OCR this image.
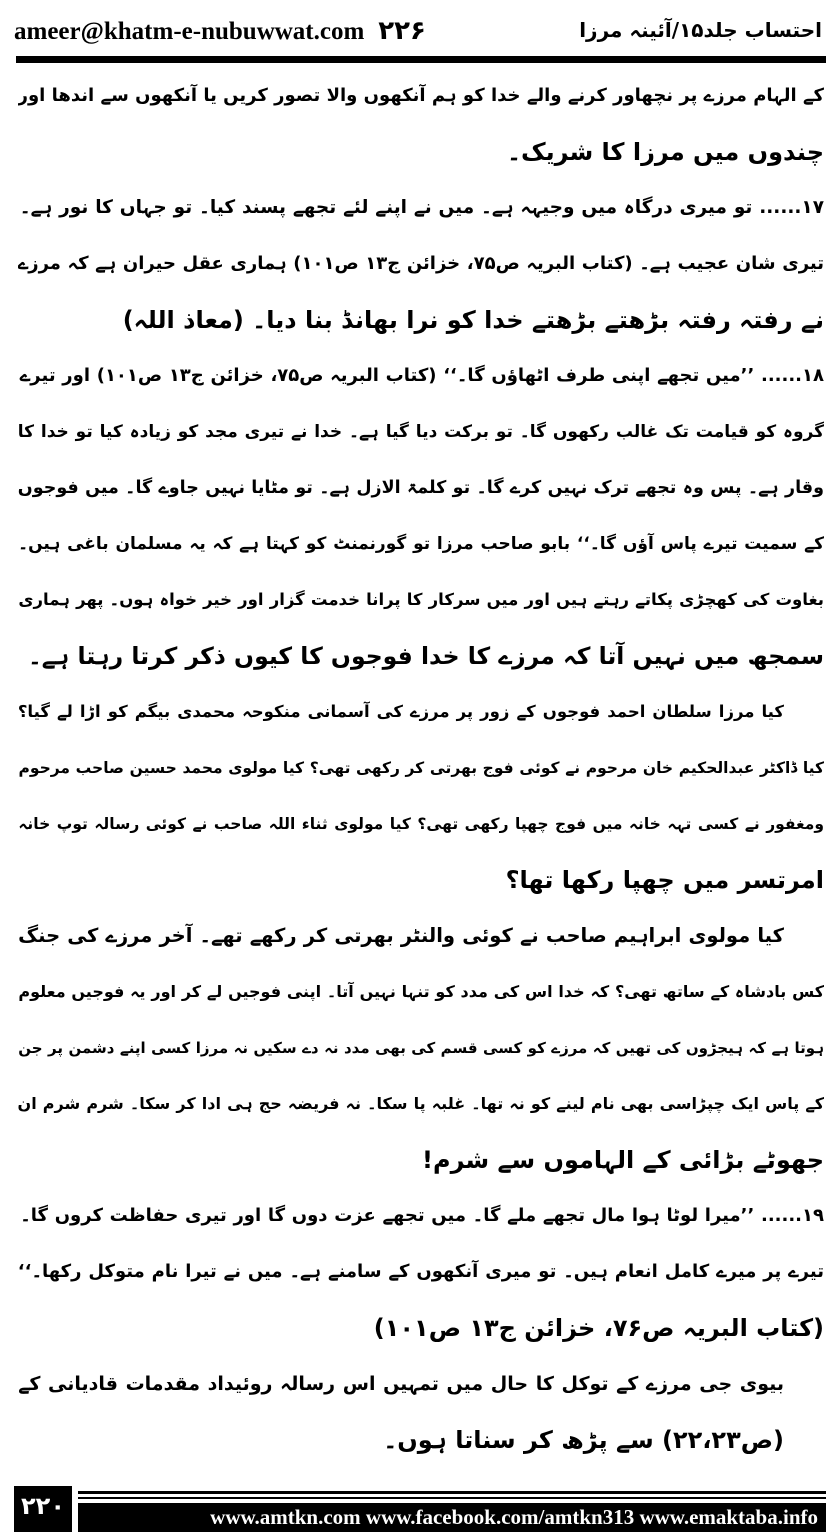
ameer@khatm-e-nubuwwat.com ۲۲۶	احتساب جلد۱۵/آئینہ مرزا
کے الہام مرزے پر نچھاور کرنے والے خدا کو ہم آنکھوں والا تصور کریں یا آنکھوں سے اندھا اور
چندوں میں مرزا کا شریک۔
۱۷...... تو میری درگاہ میں وجیہہ ہے۔ میں نے اپنے لئے تجھے پسند کیا۔ تو جہاں کا نور ہے۔
تیری شان عجیب ہے۔ (کتاب البریہ ص۷۵، خزائن ج۱۳ ص۱۰۱) ہماری عقل حیران ہے کہ مرزے
نے رفتہ رفتہ بڑھتے بڑھتے خدا کو نرا بھانڈ بنا دیا۔ (معاذ اللہ)
۱۸...... ’’میں تجھے اپنی طرف اٹھاؤں گا۔‘‘ (کتاب البریہ ص۷۵، خزائن ج۱۳ ص۱۰۱) اور تیرے
گروہ کو قیامت تک غالب رکھوں گا۔ تو برکت دیا گیا ہے۔ خدا نے تیری مجد کو زیادہ کیا تو خدا کا
وقار ہے۔ پس وہ تجھے ترک نہیں کرے گا۔ تو کلمۃ الازل ہے۔ تو مٹایا نہیں جاوے گا۔ میں فوجوں
کے سمیت تیرے پاس آؤں گا۔‘‘ بابو صاحب مرزا تو گورنمنٹ کو کہتا ہے کہ یہ مسلمان باغی ہیں۔
بغاوت کی کھچڑی پکاتے رہتے ہیں اور میں سرکار کا پرانا خدمت گزار اور خیر خواہ ہوں۔ پھر ہماری
سمجھ میں نہیں آتا کہ مرزے کا خدا فوجوں کا کیوں ذکر کرتا رہتا ہے۔
کیا مرزا سلطان احمد فوجوں کے زور پر مرزے کی آسمانی منکوحہ محمدی بیگم کو اڑا لے گیا؟
کیا ڈاکٹر عبدالحکیم خان مرحوم نے کوئی فوج بھرتی کر رکھی تھی؟ کیا مولوی محمد حسین صاحب مرحوم
ومغفور نے کسی تہہ خانہ میں فوج چھپا رکھی تھی؟ کیا مولوی ثناء اللہ صاحب نے کوئی رسالہ توپ خانہ
امرتسر میں چھپا رکھا تھا؟
کیا مولوی ابراہیم صاحب نے کوئی والنٹر بھرتی کر رکھے تھے۔ آخر مرزے کی جنگ
کس بادشاہ کے ساتھ تھی؟ کہ خدا اس کی مدد کو تنہا نہیں آتا۔ اپنی فوجیں لے کر اور یہ فوجیں معلوم
ہوتا ہے کہ ہیجڑوں کی تھیں کہ مرزے کو کسی قسم کی بھی مدد نہ دے سکیں نہ مرزا کسی اپنے دشمن پر جن
کے پاس ایک چپڑاسی بھی نام لینے کو نہ تھا۔ غلبہ پا سکا۔ نہ فریضہ حج ہی ادا کر سکا۔ شرم شرم ان
جھوٹے بڑائی کے الہاموں سے شرم!
۱۹...... ’’میرا لوٹا ہوا مال تجھے ملے گا۔ میں تجھے عزت دوں گا اور تیری حفاظت کروں گا۔
تیرے پر میرے کامل انعام ہیں۔ تو میری آنکھوں کے سامنے ہے۔ میں نے تیرا نام متوکل رکھا۔‘‘
(کتاب البریہ ص۷۶، خزائن ج۱۳ ص۱۰۱)
بیوی جی مرزے کے توکل کا حال میں تمہیں اس رسالہ روئیداد مقدمات قادیانی کے
(ص۲۲،۲۳) سے پڑھ کر سناتا ہوں۔
۲۲۰	www.amtkn.com www.facebook.com/amtkn313 www.emaktaba.info
